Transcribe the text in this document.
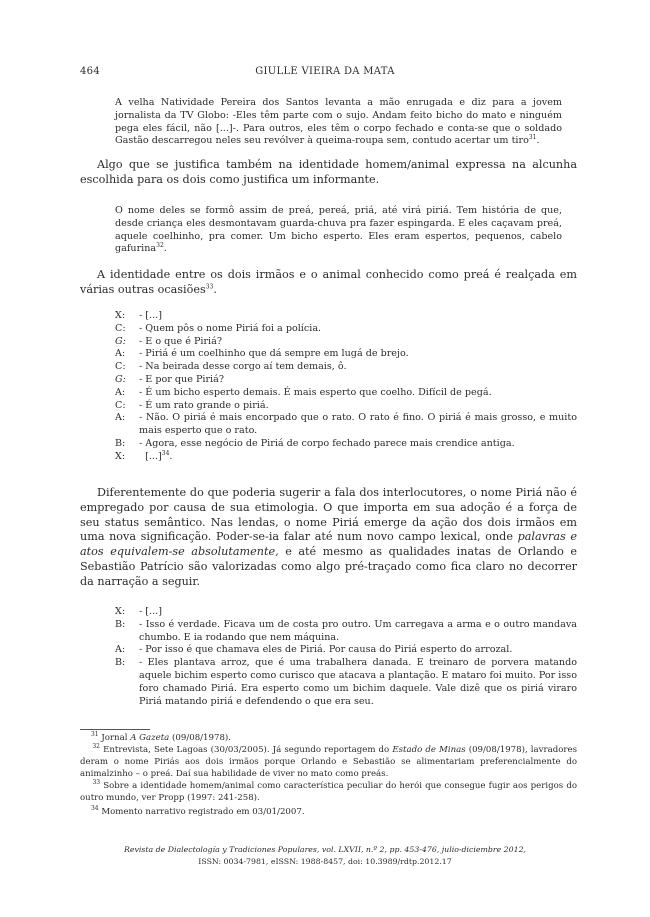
464	GIULLE VIEIRA DA MATA
A velha Natividade Pereira dos Santos levanta a mão enrugada e diz para a jovem jornalista da TV Globo: -Eles têm parte com o sujo. Andam feito bicho do mato e ninguém pega eles fácil, não [...]-. Para outros, eles têm o corpo fechado e conta-se que o soldado Gastão descarregou neles seu revólver à queima-roupa sem, contudo acertar um tiro$^{31}$.
Algo que se justifica também na identidade homem/animal expressa na alcunha escolhida para os dois como justifica um informante.
O nome deles se formô assim de preá, pereá, priá, até virá piriá. Tem história de que, desde criança eles desmontavam guarda-chuva pra fazer espingarda. E eles caçavam preá, aquele coelhinho, pra comer. Um bicho esperto. Eles eram espertos, pequenos, cabelo gafurina$^{32}$.
A identidade entre os dois irmãos e o animal conhecido como preá é realçada em várias outras ocasiões$^{33}$.
X:	- [...]
C:	- Quem pôs o nome Piriá foi a polícia.
G:	- E o que é Piriá?
A:	- Piriá é um coelhinho que dá sempre em lugá de brejo.
C:	- Na beirada desse corgo aí tem demais, ô.
G:	- E por que Piriá?
A:	- É um bicho esperto demais. É mais esperto que coelho. Difícil de pegá.
C:	- É um rato grande o piriá.
A:	- Não. O piriá é mais encorpado que o rato. O rato é fino. O piriá é mais grosso, e muito mais esperto que o rato.
B:	- Agora, esse negócio de Piriá de corpo fechado parece mais crendice antiga.
X:	[...]$^{34}$.
Diferentemente do que poderia sugerir a fala dos interlocutores, o nome Piriá não é empregado por causa de sua etimologia. O que importa em sua adoção é a força de seu status semântico. Nas lendas, o nome Piriá emerge da ação dos dois irmãos em uma nova significação. Poder-se-ia falar até num novo campo lexical, onde palavras e atos equivalem-se absolutamente, e até mesmo as qualidades inatas de Orlando e Sebastião Patrício são valorizadas como algo pré-traçado como fica claro no decorrer da narração a seguir.
X:	- [...]
B:	- Isso é verdade. Ficava um de costa pro outro. Um carregava a arma e o outro mandava chumbo. E ia rodando que nem máquina.
A:	- Por isso é que chamava eles de Piriá. Por causa do Piriá esperto do arrozal.
B:	- Eles plantava arroz, que é uma trabalhera danada. E treinaro de porvera matando aquele bichim esperto como curisco que atacava a plantação. E mataro foi muito. Por isso foro chamado Piriá. Era esperto como um bichim daquele. Vale dizê que os piriá viraro Piriá matando piriá e defendendo o que era seu.
$^{31}$ Jornal A Gazeta (09/08/1978).
$^{32}$ Entrevista, Sete Lagoas (30/03/2005). Já segundo reportagem do Estado de Minas (09/08/1978), lavradores deram o nome Piriás aos dois irmãos porque Orlando e Sebastião se alimentariam preferencialmente do animalzinho – o preá. Daí sua habilidade de viver no mato como preás.
$^{33}$ Sobre a identidade homem/animal como característica peculiar do herói que consegue fugir aos perigos do outro mundo, ver Propp (1997: 241-258).
$^{34}$ Momento narrativo registrado em 03/01/2007.
Revista de Dialectología y Tradiciones Populares, vol. LXVII, n.º 2, pp. 453-476, julio-diciembre 2012,
ISSN: 0034-7981, eISSN: 1988-8457, doi: 10.3989/rdtp.2012.17
